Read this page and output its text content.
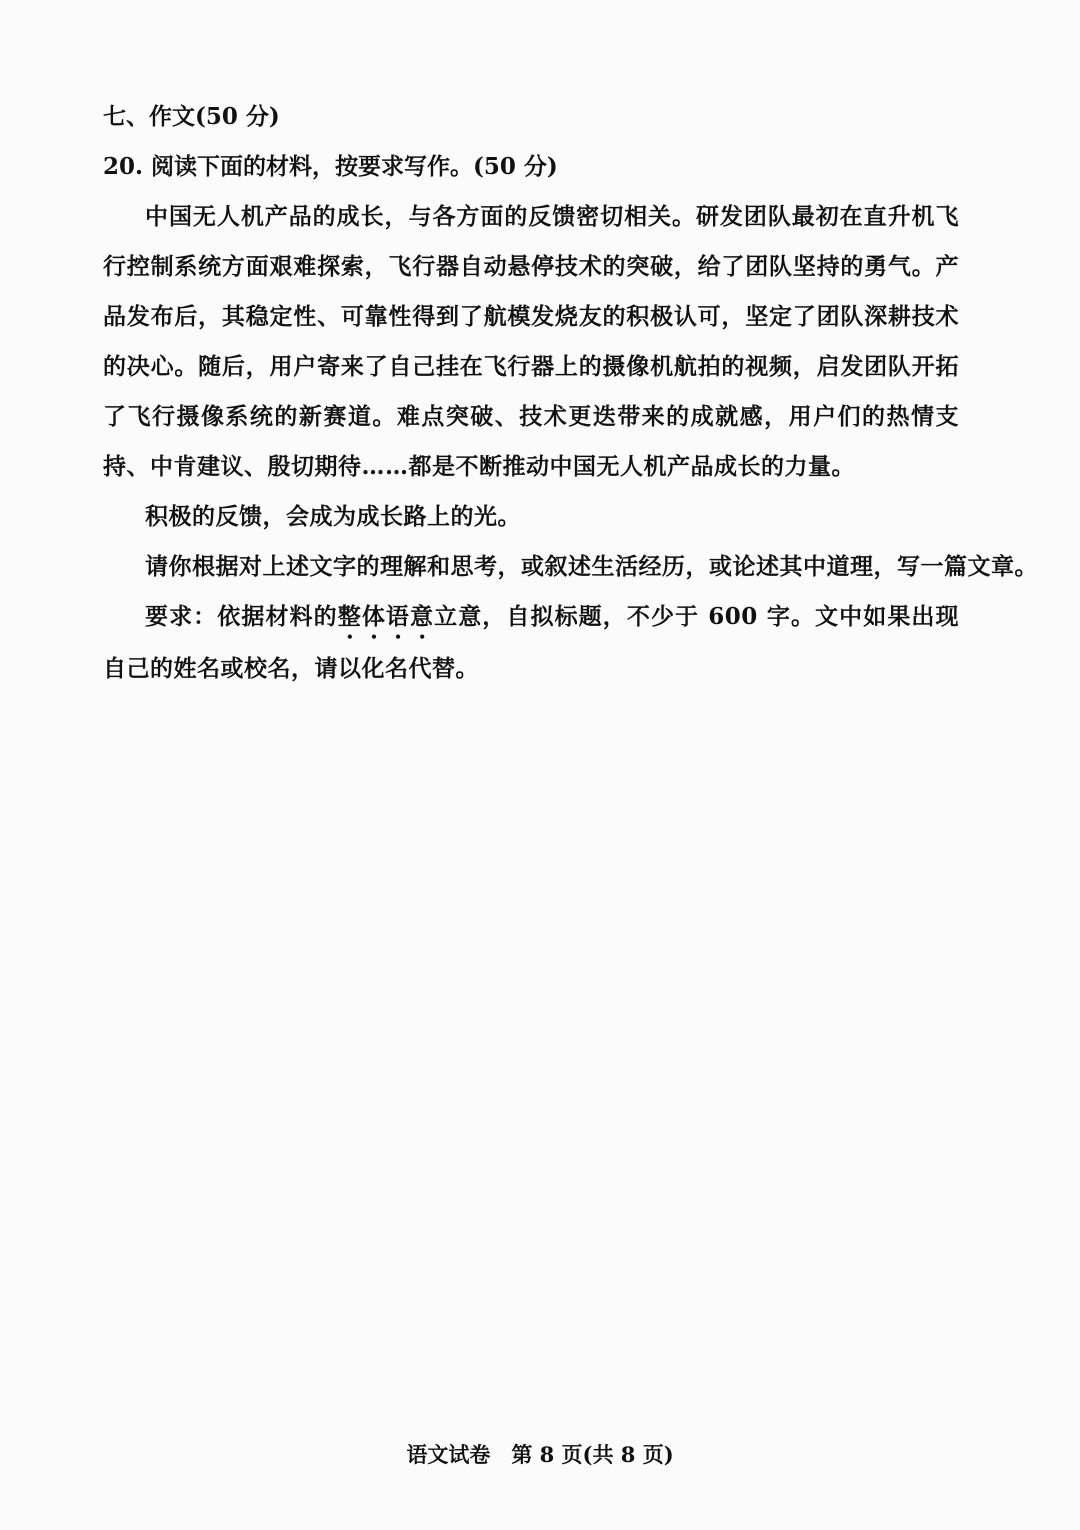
七、作文(50 分)

20. 阅读下面的材料，按要求写作。(50 分)

中国无人机产品的成长，与各方面的反馈密切相关。研发团队最初在直升机飞行控制系统方面艰难探索，飞行器自动悬停技术的突破，给了团队坚持的勇气。产品发布后，其稳定性、可靠性得到了航模发烧友的积极认可，坚定了团队深耕技术的决心。随后，用户寄来了自己挂在飞行器上的摄像机航拍的视频，启发团队开拓了飞行摄像系统的新赛道。难点突破、技术更迭带来的成就感，用户们的热情支持、中肯建议、殷切期待……都是不断推动中国无人机产品成长的力量。

积极的反馈，会成为成长路上的光。

请你根据对上述文字的理解和思考，或叙述生活经历，或论述其中道理，写一篇文章。

要求：依据材料的整体语意立意，自拟标题，不少于 600 字。文中如果出现自己的姓名或校名，请以化名代替。

语文试卷　第 8 页(共 8 页)
